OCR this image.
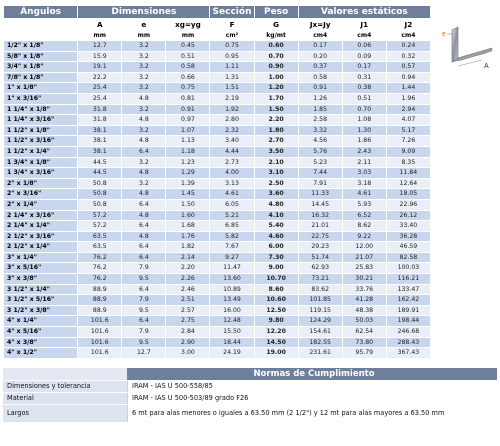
Ángulos	Dimensiones			Sección	Peso	Valores estáticos		
	A	e	xg=yg	F	G	Jx=Jy	J1	J2
	mm	mm	mm	cm²	kg/mt	cm4	cm4	cm4
1/2" x 1/8"	12.7	3.2	0.45	0.75	0.60	0.17	0.06	0.24
5/8" x 1/8"	15.9	3.2	0.51	0.95	0.70	0.20	0.09	0.32
3/4" x 1/8"	19.1	3.2	0.58	1.11	0.90	0.37	0.17	0.57
7/8" x 1/8"	22.2	3.2	0.66	1.31	1.00	0.58	0.31	0.94
1" x 1/8"	25.4	3.2	0.75	1.51	1.20	0.91	0.38	1.44
1" x 3/16"	25.4	4.8	0.81	2.19	1.70	1.26	0.51	1.96
1 1/4" x 1/8"	31.8	3.2	0.91	1.92	1.50	1.85	0.70	2.94
1 1/4" x 3/16"	31.8	4.8	0.97	2.80	2.20	2.58	1.08	4.07
1 1/2" x 1/8"	38.1	3.2	1.07	2.32	1.80	3.32	1.30	5.17
1 1/2" x 3/16"	38.1	4.8	1.13	3.40	2.70	4.56	1.86	7.26
1 1/2" x 1/4"	38.1	6.4	1.18	4.44	3.50	5.76	2.43	9.09
1 3/4" x 1/8"	44.5	3.2	1.23	2.73	2.10	5.23	2.11	8.35
1 3/4" x 3/16"	44.5	4.8	1.29	4.00	3.10	7.44	3.03	11.84
2" x 1/8"	50.8	3.2	1.39	3.13	2.50	7.91	3.18	12.64
2" x 3/16"	50.8	4.8	1.45	4.61	3.60	11.33	4.61	18.05
2" x 1/4"	50.8	6.4	1.50	6.05	4.80	14.45	5.93	22.96
2 1/4" x 3/16"	57.2	4.8	1.60	5.21	4.10	16.32	6.52	26.12
2 1/4" x 1/4"	57.2	6.4	1.68	6.85	5.40	21.01	8.62	33.40
2 1/2" x 3/16"	63.5	4.8	1.76	5.82	4.60	22.75	9.22	36.28
2 1/2" x 1/4"	63.5	6.4	1.82	7.67	6.00	29.23	12.00	46.59
3" x 1/4"	76.2	6.4	2.14	9.27	7.30	51.74	21.07	82.58
3" x 5/16"	76.2	7.9	2.20	11.47	9.00	62.93	25.83	100.03
3" x 3/8"	76.2	9.5	2.26	13.60	10.70	73.21	30.21	116.21
3 1/2" x 1/4"	88.9	6.4	2.46	10.89	8.60	83.62	33.76	133.47
3 1/2" x 5/16"	88.9	7.9	2.51	13.49	10.60	101.85	41.28	162.42
3 1/2" x 3/8"	88.9	9.5	2.57	16.00	12.50	119.15	48.38	189.91
4" x 1/4"	101.6	6.4	2.75	12.48	9.80	124.29	50.03	198.44
4" x 5/16"	101.6	7.9	2.84	15.50	12.20	154.61	62.54	246.68
4" x 3/8"	101.6	9.5	2.90	18.44	14.50	182.55	73.80	288.43
4" x 1/2"	101.6	12.7	3.00	24.19	19.00	231.61	95.79	367.43
e
A
	Normas de Cumplimiento
Dimensiones y tolerancia	IRAM - IAS U 500-558/85
Material	IRAM - IAS U 500-503/89 grado F26
Largos	6 mt para alas menores o iguales a 63.50 mm (2 1/2") y 12 mt para alas mayores a 63.50 mm
